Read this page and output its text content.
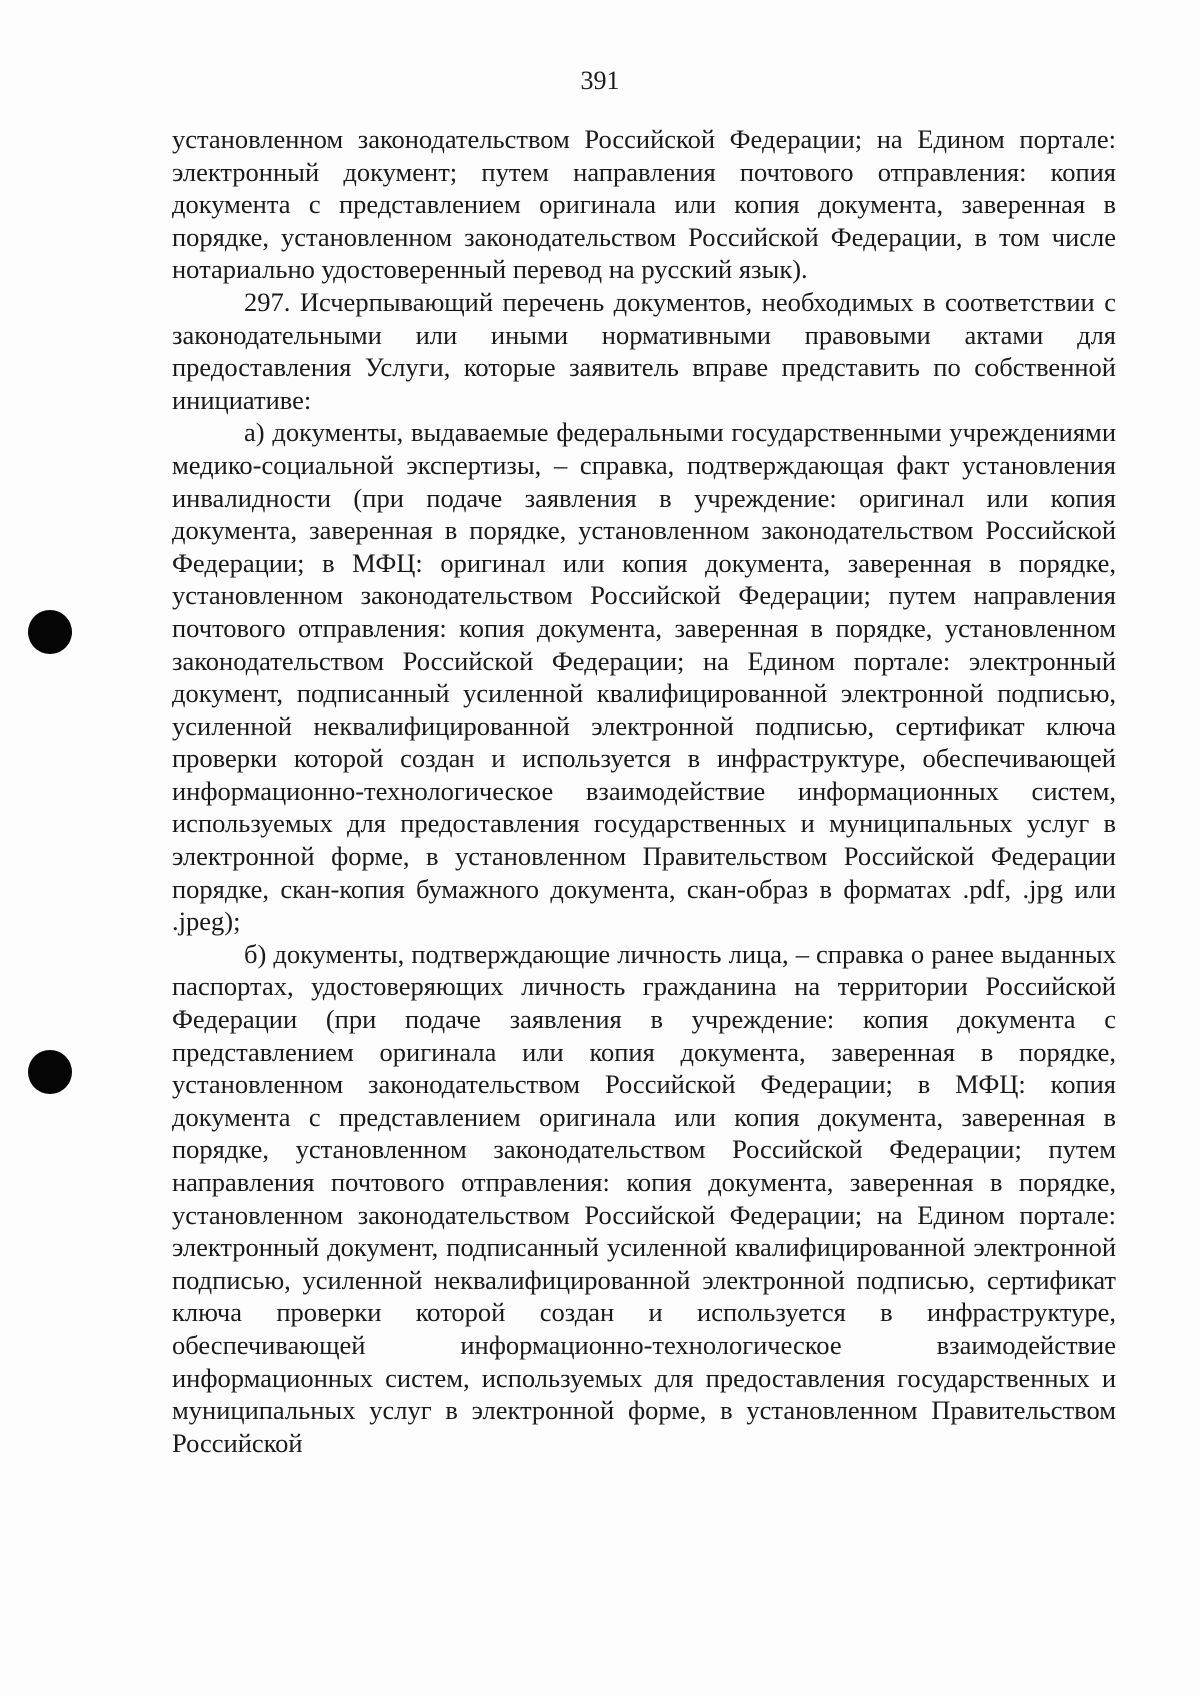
391

установленном законодательством Российской Федерации; на Едином портале: электронный документ; путем направления почтового отправления: копия документа с представлением оригинала или копия документа, заверенная в порядке, установленном законодательством Российской Федерации, в том числе нотариально удостоверенный перевод на русский язык).

297. Исчерпывающий перечень документов, необходимых в соответствии с законодательными или иными нормативными правовыми актами для предоставления Услуги, которые заявитель вправе представить по собственной инициативе:

а) документы, выдаваемые федеральными государственными учреждениями медико-социальной экспертизы, – справка, подтверждающая факт установления инвалидности (при подаче заявления в учреждение: оригинал или копия документа, заверенная в порядке, установленном законодательством Российской Федерации; в МФЦ: оригинал или копия документа, заверенная в порядке, установленном законодательством Российской Федерации; путем направления почтового отправления: копия документа, заверенная в порядке, установленном законодательством Российской Федерации; на Едином портале: электронный документ, подписанный усиленной квалифицированной электронной подписью, усиленной неквалифицированной электронной подписью, сертификат ключа проверки которой создан и используется в инфраструктуре, обеспечивающей информационно-технологическое взаимодействие информационных систем, используемых для предоставления государственных и муниципальных услуг в электронной форме, в установленном Правительством Российской Федерации порядке, скан-копия бумажного документа, скан-образ в форматах .pdf, .jpg или .jpeg);

б) документы, подтверждающие личность лица, – справка о ранее выданных паспортах, удостоверяющих личность гражданина на территории Российской Федерации (при подаче заявления в учреждение: копия документа с представлением оригинала или копия документа, заверенная в порядке, установленном законодательством Российской Федерации; в МФЦ: копия документа с представлением оригинала или копия документа, заверенная в порядке, установленном законодательством Российской Федерации; путем направления почтового отправления: копия документа, заверенная в порядке, установленном законодательством Российской Федерации; на Едином портале: электронный документ, подписанный усиленной квалифицированной электронной подписью, усиленной неквалифицированной электронной подписью, сертификат ключа проверки которой создан и используется в инфраструктуре, обеспечивающей информационно-технологическое взаимодействие информационных систем, используемых для предоставления государственных и муниципальных услуг в электронной форме, в установленном Правительством Российской
